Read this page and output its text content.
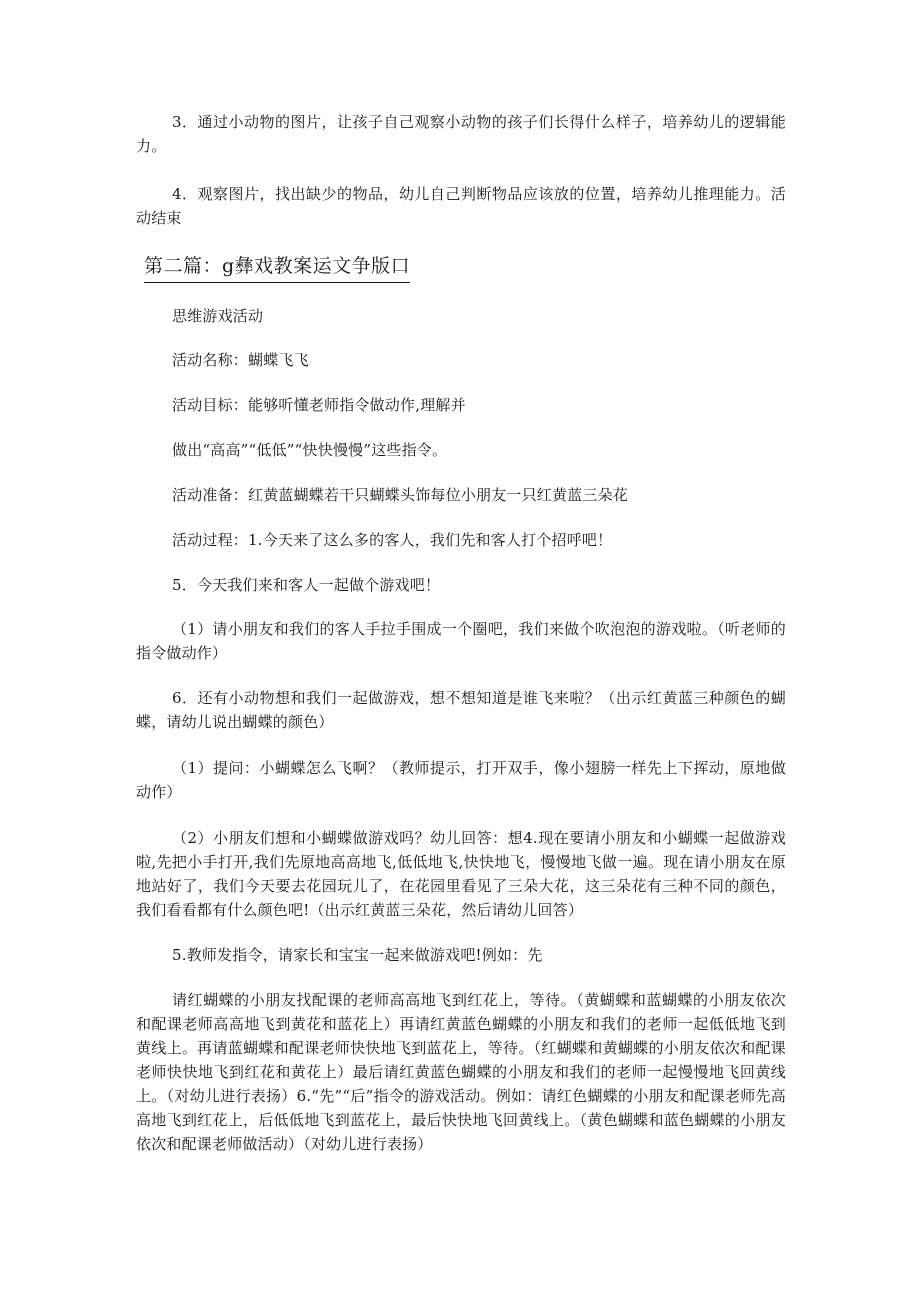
3．通过小动物的图片，让孩子自己观察小动物的孩子们长得什么样子，培养幼儿的逻辑能力。

4．观察图片，找出缺少的物品，幼儿自己判断物品应该放的位置，培养幼儿推理能力。活动结束

第二篇：g彝戏教案运文争版口

思维游戏活动

活动名称：蝴蝶飞飞

活动目标：能够听懂老师指令做动作,理解并

做出“高高”“低低”“快快慢慢”这些指令。

活动准备：红黄蓝蝴蝶若干只蝴蝶头饰每位小朋友一只红黄蓝三朵花

活动过程：1.今天来了这么多的客人，我们先和客人打个招呼吧！

5．今天我们来和客人一起做个游戏吧！

（1）请小朋友和我们的客人手拉手围成一个圈吧，我们来做个吹泡泡的游戏啦。（听老师的指令做动作）

6．还有小动物想和我们一起做游戏，想不想知道是谁飞来啦？（出示红黄蓝三种颜色的蝴蝶，请幼儿说出蝴蝶的颜色）

（1）提问：小蝴蝶怎么飞啊？（教师提示，打开双手，像小翅膀一样先上下挥动，原地做动作）

（2）小朋友们想和小蝴蝶做游戏吗？幼儿回答：想4.现在要请小朋友和小蝴蝶一起做游戏啦,先把小手打开,我们先原地高高地飞,低低地飞,快快地飞，慢慢地飞做一遍。现在请小朋友在原地站好了，我们今天要去花园玩儿了，在花园里看见了三朵大花，这三朵花有三种不同的颜色，我们看看都有什么颜色吧!（出示红黄蓝三朵花，然后请幼儿回答）

5.教师发指令，请家长和宝宝一起来做游戏吧!例如：先

请红蝴蝶的小朋友找配课的老师高高地飞到红花上，等待。（黄蝴蝶和蓝蝴蝶的小朋友依次和配课老师高高地飞到黄花和蓝花上）再请红黄蓝色蝴蝶的小朋友和我们的老师一起低低地飞到黄线上。再请蓝蝴蝶和配课老师快快地飞到蓝花上，等待。（红蝴蝶和黄蝴蝶的小朋友依次和配课老师快快地飞到红花和黄花上）最后请红黄蓝色蝴蝶的小朋友和我们的老师一起慢慢地飞回黄线上。（对幼儿进行表扬）6.“先”“后”指令的游戏活动。例如：请红色蝴蝶的小朋友和配课老师先高高地飞到红花上，后低低地飞到蓝花上，最后快快地飞回黄线上。（黄色蝴蝶和蓝色蝴蝶的小朋友依次和配课老师做活动）（对幼儿进行表扬）
